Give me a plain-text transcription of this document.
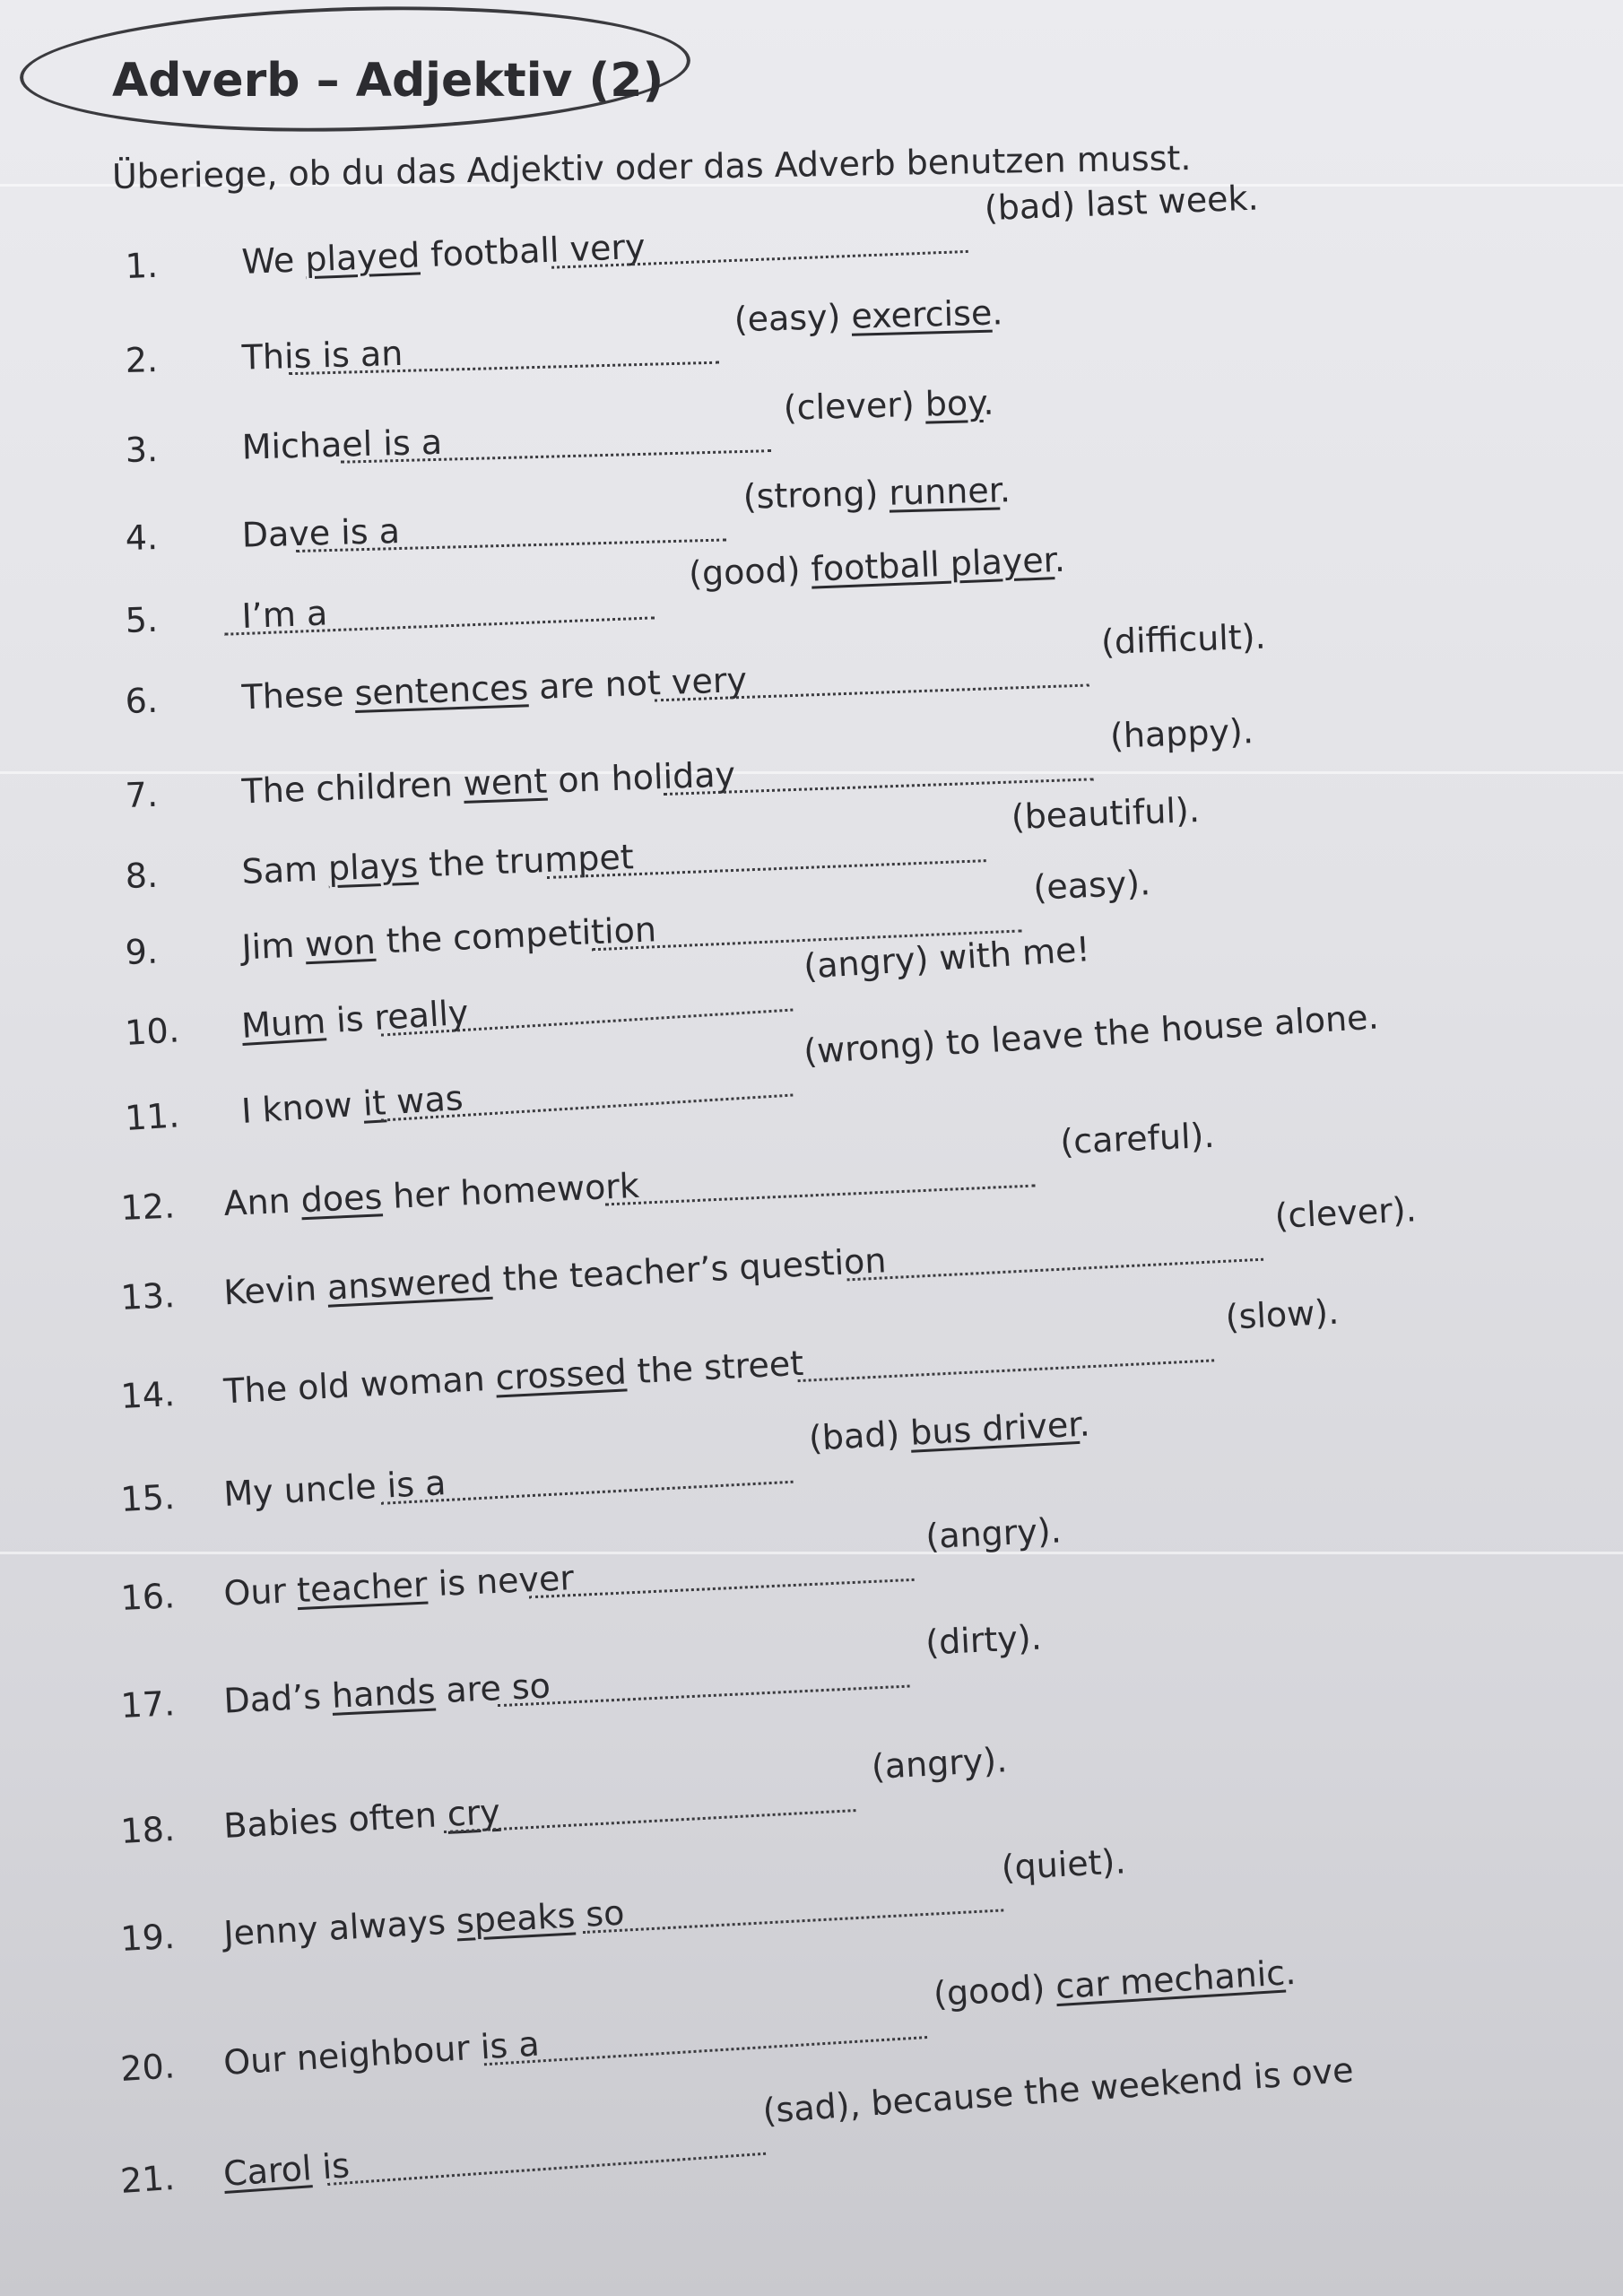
Adverb – Adjektiv (2)
Überiege, ob du das Adjektiv oder das Adverb benutzen musst.
1. We played football very
(bad) last week.
2. This is an
(easy) exercise.
3. Michael is a
(clever) boy.
4. Dave is a
(strong) runner.
5. I’m a
(good) football player.
6. These sentences are not very
(difficult).
7. The children went on holiday
(happy).
8. Sam plays the trumpet
(beautiful).
9. Jim won the competition
(easy).
10. Mum is really
(angry) with me!
11. I know it was
(wrong) to leave the house alone.
12. Ann does her homework
(careful).
13. Kevin answered the teacher’s question
(clever).
14. The old woman crossed the street
(slow).
15. My uncle is a
(bad) bus driver.
16. Our teacher is never
(angry).
17. Dad’s hands are so
(dirty).
18. Babies often cry
(angry).
19. Jenny always speaks so
(quiet).
20. Our neighbour is a
(good) car mechanic.
21. Carol is
(sad), because the weekend is ove
